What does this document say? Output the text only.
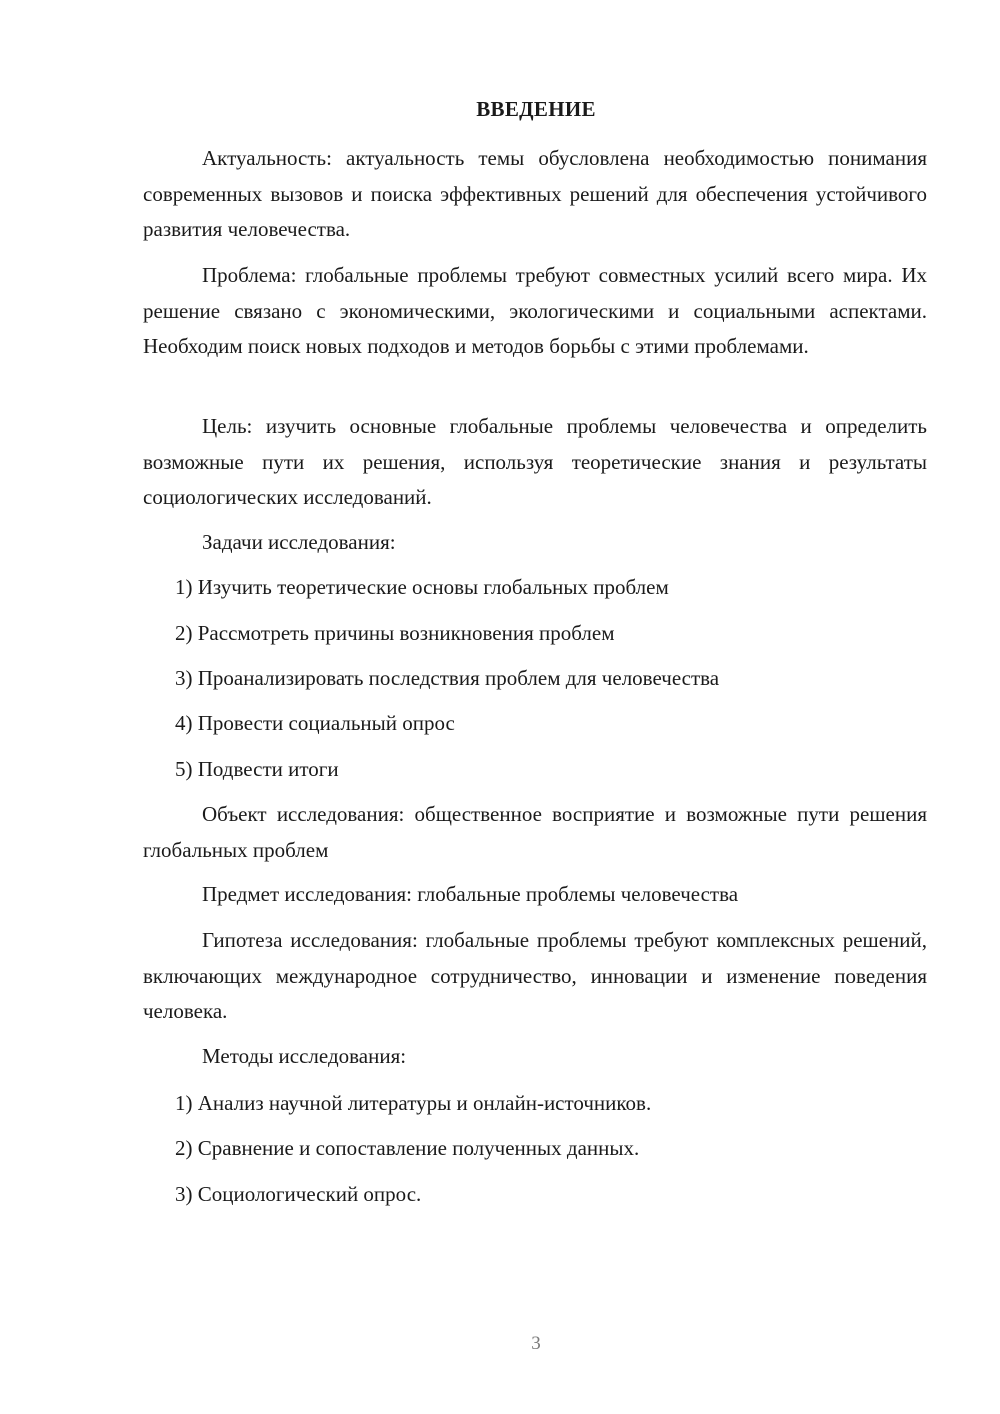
ВВЕДЕНИЕ

Актуальность: актуальность темы обусловлена необходимостью понимания современных вызовов и поиска эффективных решений для обеспечения устойчивого развития человечества.

Проблема: глобальные проблемы требуют совместных усилий всего мира. Их решение связано с экономическими, экологическими и социальными аспектами. Необходим поиск новых подходов и методов борьбы с этими проблемами.

Цель: изучить основные глобальные проблемы человечества и определить возможные пути их решения, используя теоретические знания и результаты социологических исследований.

Задачи исследования:

1) Изучить теоретические основы глобальных проблем

2) Рассмотреть причины возникновения проблем

3) Проанализировать последствия проблем для человечества

4) Провести социальный опрос

5) Подвести итоги

Объект исследования: общественное восприятие и возможные пути решения глобальных проблем

Предмет исследования: глобальные проблемы человечества

Гипотеза исследования: глобальные проблемы требуют комплексных решений, включающих международное сотрудничество, инновации и изменение поведения человека.

Методы исследования:

1) Анализ научной литературы и онлайн-источников.

2) Сравнение и сопоставление полученных данных.

3) Социологический опрос.

3
